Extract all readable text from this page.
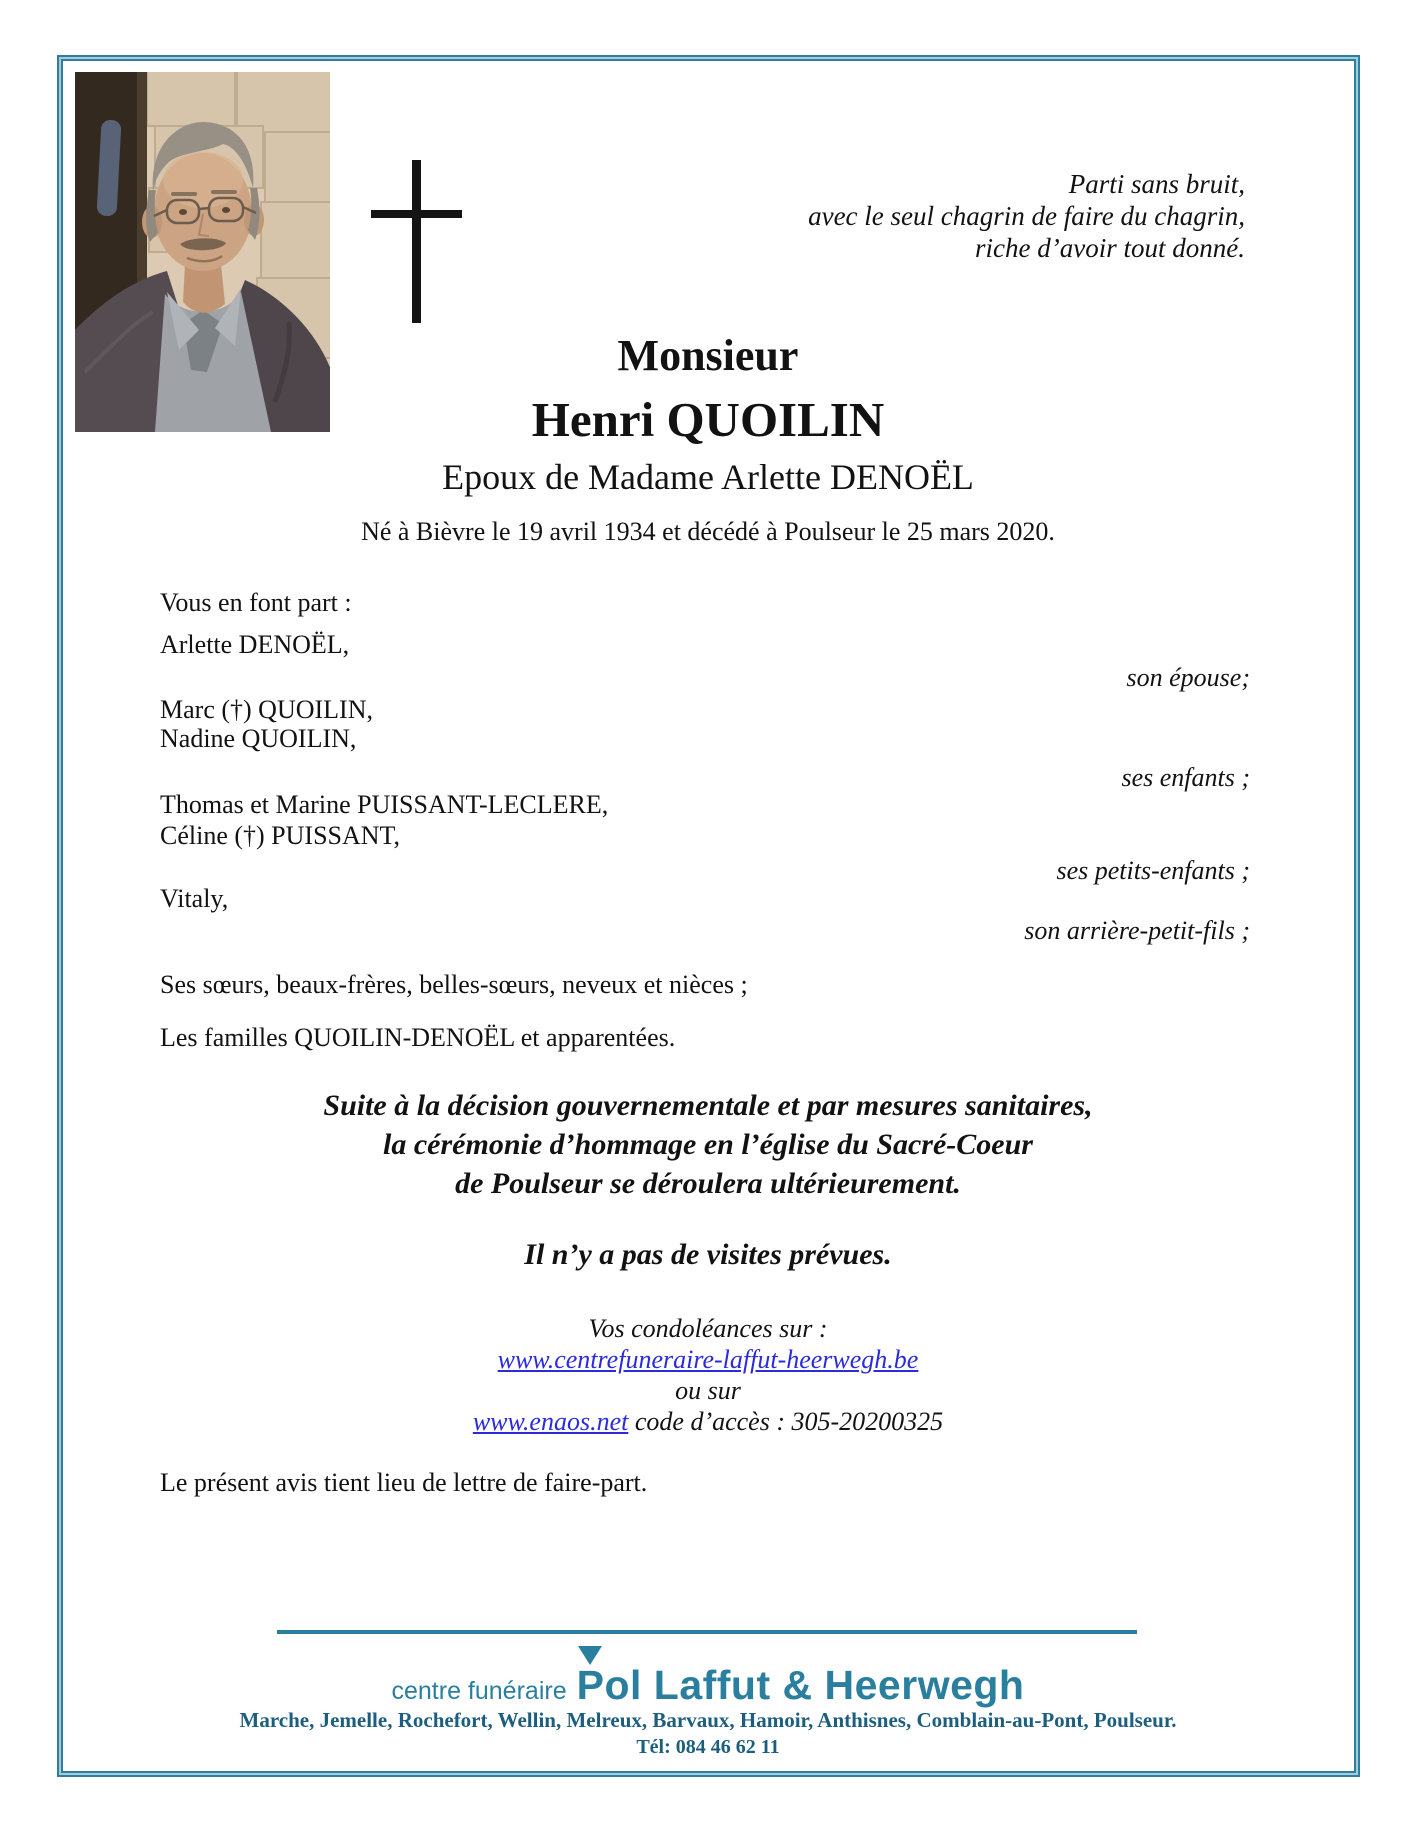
Parti sans bruit,
avec le seul chagrin de faire du chagrin,
riche d’avoir tout donné.
Monsieur
Henri QUOILIN
Epoux de Madame Arlette DENOËL
Né à Bièvre le 19 avril 1934 et décédé à Poulseur le 25 mars 2020.
Vous en font part :
Arlette DENOËL,
son épouse;
Marc (†) QUOILIN,
Nadine QUOILIN,
ses enfants ;
Thomas et Marine PUISSANT-LECLERE,
Céline (†) PUISSANT,
ses petits-enfants ;
Vitaly,
son arrière-petit-fils ;
Ses sœurs, beaux-frères, belles-sœurs, neveux et nièces ;
Les familles QUOILIN-DENOËL et apparentées.
Suite à la décision gouvernementale et par mesures sanitaires,
la cérémonie d’hommage en l’église du Sacré-Coeur
de Poulseur se déroulera ultérieurement.
Il n’y a pas de visites prévues.
Vos condoléances sur :
www.centrefuneraire-laffut-heerwegh.be
ou sur
www.enaos.net code d’accès : 305-20200325
Le présent avis tient lieu de lettre de faire-part.
centre funéraire Pol Laffut & Heerwegh
Marche, Jemelle, Rochefort, Wellin, Melreux, Barvaux, Hamoir, Anthisnes, Comblain-au-Pont, Poulseur.
Tél: 084 46 62 11
